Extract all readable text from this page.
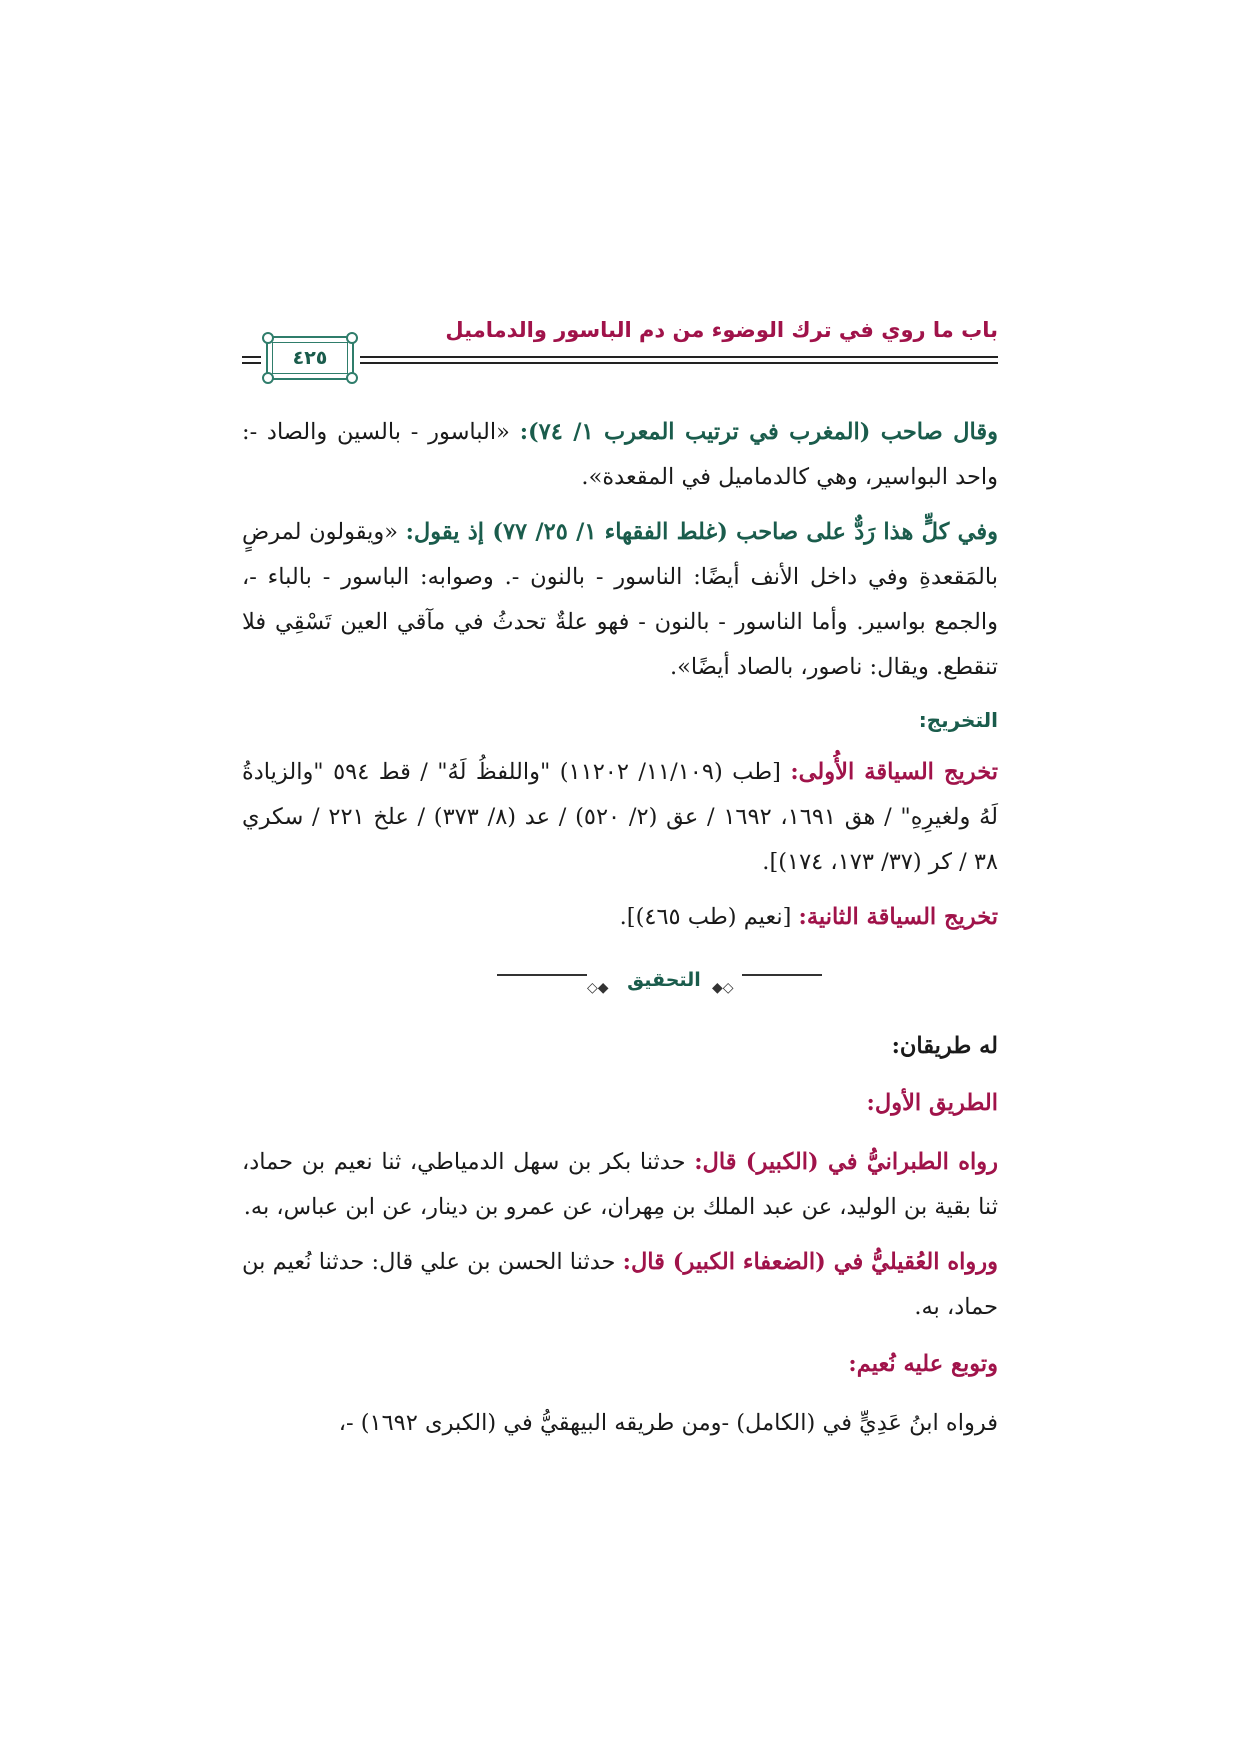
باب ما روي في ترك الوضوء من دم الباسور والدماميل
٤٢٥

وقال صاحب (المغرب في ترتيب المعرب ١/ ٧٤): «الباسور - بالسين والصاد -: واحد البواسير، وهي كالدماميل في المقعدة».

وفي كلٍّ هذا رَدٌّ على صاحب (غلط الفقهاء ١/ ٢٥/ ٧٧) إذ يقول: «ويقولون لمرضٍ بالمَقعدةِ وفي داخل الأنف أيضًا: الناسور - بالنون -. وصوابه: الباسور - بالباء -، والجمع بواسير. وأما الناسور - بالنون - فهو علةٌ تحدثُ في مآقي العين تَسْقِي فلا تنقطع. ويقال: ناصور، بالصاد أيضًا».

التخريج:

تخريج السياقة الأُولى: [طب (١١/١٠٩/ ١١٢٠٢) "واللفظُ لَهُ" / قط ٥٩٤ "والزيادةُ لَهُ ولغيرِهِ" / هق ١٦٩١، ١٦٩٢ / عق (٢/ ٥٢٠) / عد (٨/ ٣٧٣) / علخ ٢٢١ / سكري ٣٨ / كر (٣٧/ ١٧٣، ١٧٤)].

تخريج السياقة الثانية: [نعيم (طب ٤٦٥)].

◇◆ التحقيق ◆◇
له طريقان:
الطريق الأول:

رواه الطبرانيُّ في (الكبير) قال: حدثنا بكر بن سهل الدمياطي، ثنا نعيم بن حماد، ثنا بقية بن الوليد، عن عبد الملك بن مِهران، عن عمرو بن دينار، عن ابن عباس، به.

ورواه العُقيليُّ في (الضعفاء الكبير) قال: حدثنا الحسن بن علي قال: حدثنا نُعيم بن حماد، به.

وتوبع عليه نُعيم:

فرواه ابنُ عَدِيٍّ في (الكامل) -ومن طريقه البيهقيُّ في (الكبرى ١٦٩٢) -،
